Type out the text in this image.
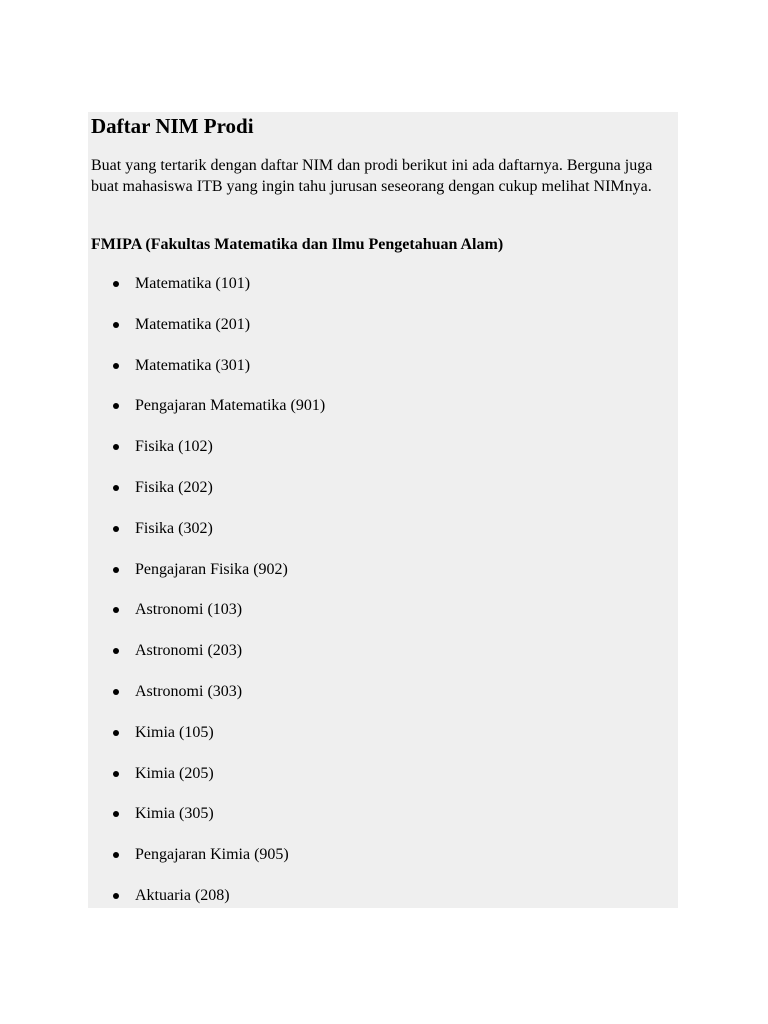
Daftar NIM Prodi

Buat yang tertarik dengan daftar NIM dan prodi berikut ini ada daftarnya. Berguna juga buat mahasiswa ITB yang ingin tahu jurusan seseorang dengan cukup melihat NIMnya.

FMIPA (Fakultas Matematika dan Ilmu Pengetahuan Alam)

Matematika (101)
Matematika (201)
Matematika (301)
Pengajaran Matematika (901)
Fisika (102)
Fisika (202)
Fisika (302)
Pengajaran Fisika (902)
Astronomi (103)
Astronomi (203)
Astronomi (303)
Kimia (105)
Kimia (205)
Kimia (305)
Pengajaran Kimia (905)
Aktuaria (208)
